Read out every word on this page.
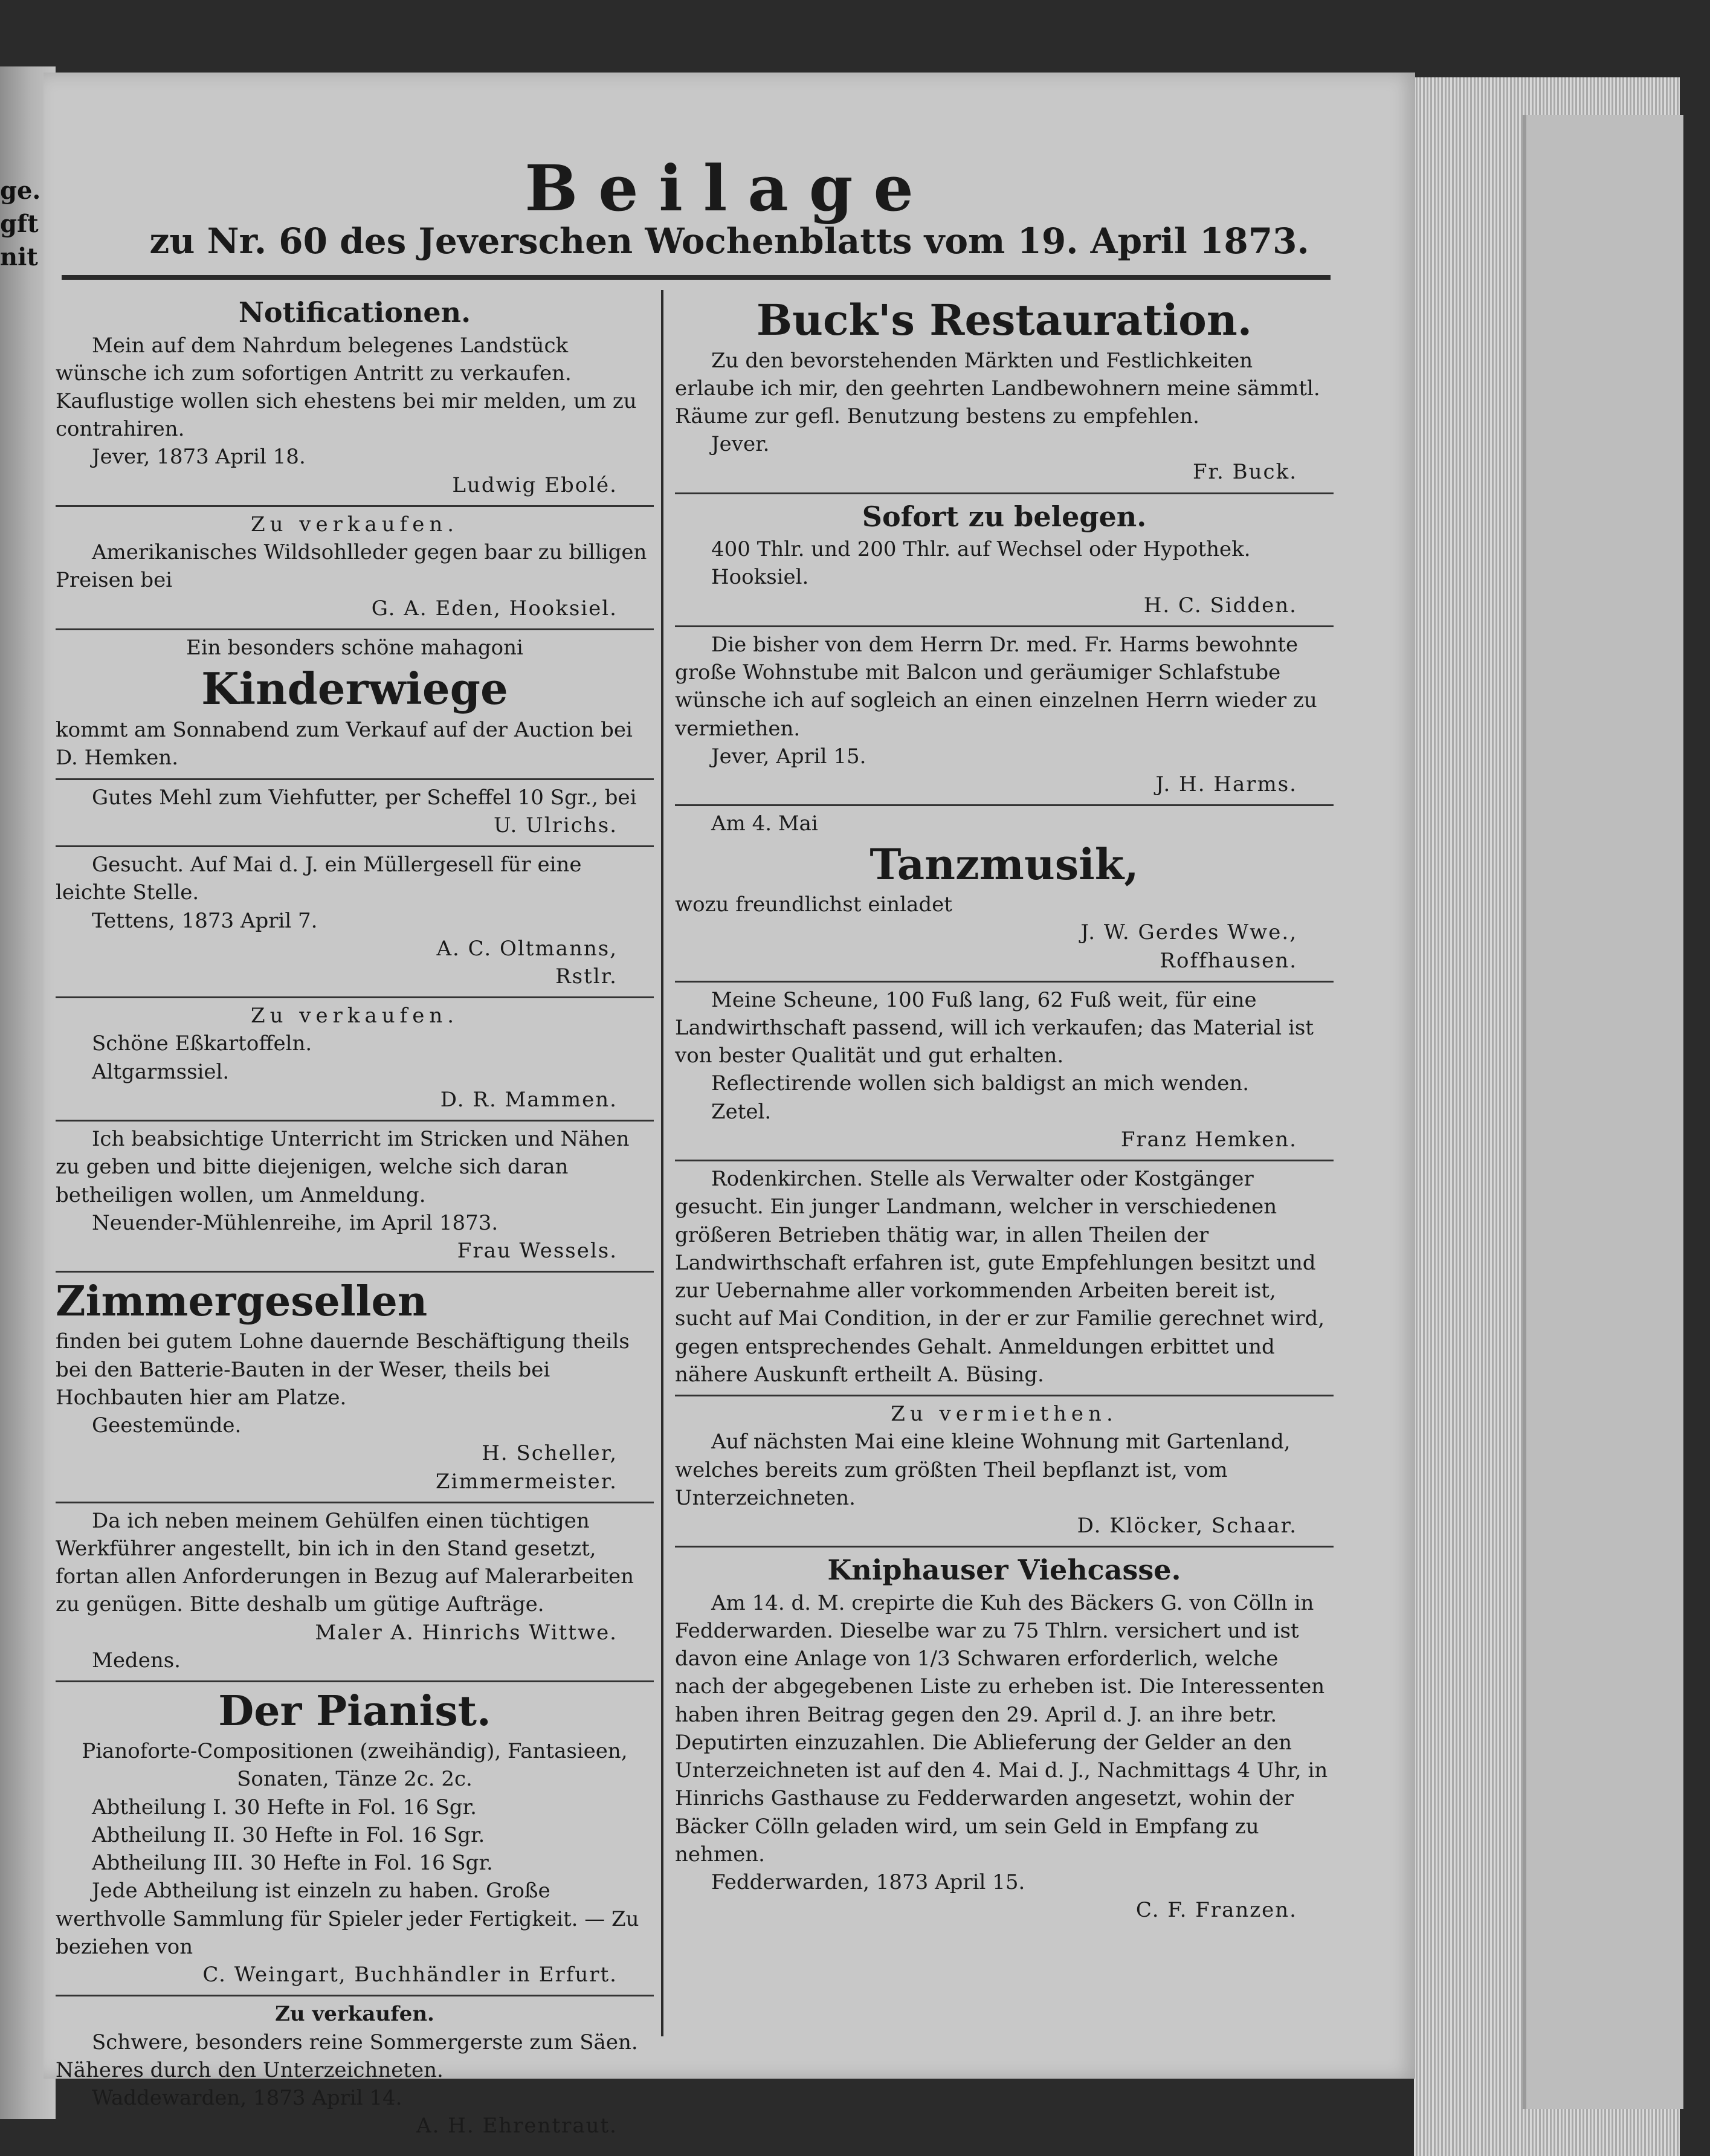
ge.
gft
nit
Beilage
zu Nr. 60 des Jeverschen Wochenblatts vom 19. April 1873.
Notificationen.

Mein auf dem Nahrdum belegenes Landstück wünsche ich zum sofortigen Antritt zu verkaufen. Kauflustige wollen sich ehestens bei mir melden, um zu contrahiren.

Jever, 1873 April 18.

Ludwig Ebolé.

Zu verkaufen.

Amerikanisches Wildsohlleder gegen baar zu billigen Preisen bei

G. A. Eden, Hooksiel.

Ein besonders schöne mahagoni

Kinderwiege

kommt am Sonnabend zum Verkauf auf der Auction bei D. Hemken.

Gutes Mehl zum Viehfutter, per Scheffel 10 Sgr., bei

U. Ulrichs.

Gesucht. Auf Mai d. J. ein Müllergesell für eine leichte Stelle.

Tettens, 1873 April 7.

A. C. Oltmanns,

Rstlr.

Zu verkaufen.

Schöne Eßkartoffeln.

Altgarmssiel.

D. R. Mammen.

Ich beabsichtige Unterricht im Stricken und Nähen zu geben und bitte diejenigen, welche sich daran betheiligen wollen, um Anmeldung.

Neuender-Mühlenreihe, im April 1873.

Frau Wessels.

Zimmergesellen

finden bei gutem Lohne dauernde Beschäftigung theils bei den Batterie-Bauten in der Weser, theils bei Hochbauten hier am Platze.

Geestemünde.

H. Scheller,

Zimmermeister.

Da ich neben meinem Gehülfen einen tüchtigen Werkführer angestellt, bin ich in den Stand gesetzt, fortan allen Anforderungen in Bezug auf Malerarbeiten zu genügen. Bitte deshalb um gütige Aufträge.

Maler A. Hinrichs Wittwe.

Medens.

Der Pianist.

Pianoforte-Compositionen (zweihändig), Fantasieen, Sonaten, Tänze 2c. 2c.

Abtheilung I. 30 Hefte in Fol. 16 Sgr.

Abtheilung II. 30 Hefte in Fol. 16 Sgr.

Abtheilung III. 30 Hefte in Fol. 16 Sgr.

Jede Abtheilung ist einzeln zu haben. Große werthvolle Sammlung für Spieler jeder Fertigkeit. — Zu beziehen von

C. Weingart, Buchhändler in Erfurt.

Zu verkaufen.

Schwere, besonders reine Sommergerste zum Säen. Näheres durch den Unterzeichneten.

Waddewarden, 1873 April 14.

A. H. Ehrentraut.

Buck's Restauration.

Zu den bevorstehenden Märkten und Festlichkeiten erlaube ich mir, den geehrten Landbewohnern meine sämmtl. Räume zur gefl. Benutzung bestens zu empfehlen.

Jever.

Fr. Buck.

Sofort zu belegen.

400 Thlr. und 200 Thlr. auf Wechsel oder Hypothek.

Hooksiel.

H. C. Sidden.

Die bisher von dem Herrn Dr. med. Fr. Harms bewohnte große Wohnstube mit Balcon und geräumiger Schlafstube wünsche ich auf sogleich an einen einzelnen Herrn wieder zu vermiethen.

Jever, April 15.

J. H. Harms.

Am 4. Mai

Tanzmusik,

wozu freundlichst einladet

J. W. Gerdes Wwe.,

Roffhausen.

Meine Scheune, 100 Fuß lang, 62 Fuß weit, für eine Landwirthschaft passend, will ich verkaufen; das Material ist von bester Qualität und gut erhalten.

Reflectirende wollen sich baldigst an mich wenden.

Zetel.

Franz Hemken.

Rodenkirchen. Stelle als Verwalter oder Kostgänger gesucht. Ein junger Landmann, welcher in verschiedenen größeren Betrieben thätig war, in allen Theilen der Landwirthschaft erfahren ist, gute Empfehlungen besitzt und zur Uebernahme aller vorkommenden Arbeiten bereit ist, sucht auf Mai Condition, in der er zur Familie gerechnet wird, gegen entsprechendes Gehalt. Anmeldungen erbittet und nähere Auskunft ertheilt A. Büsing.

Zu vermiethen.

Auf nächsten Mai eine kleine Wohnung mit Gartenland, welches bereits zum größten Theil bepflanzt ist, vom Unterzeichneten.

D. Klöcker, Schaar.

Kniphauser Viehcasse.

Am 14. d. M. crepirte die Kuh des Bäckers G. von Cölln in Fedderwarden. Dieselbe war zu 75 Thlrn. versichert und ist davon eine Anlage von 1/3 Schwaren erforderlich, welche nach der abgegebenen Liste zu erheben ist. Die Interessenten haben ihren Beitrag gegen den 29. April d. J. an ihre betr. Deputirten einzuzahlen. Die Ablieferung der Gelder an den Unterzeichneten ist auf den 4. Mai d. J., Nachmittags 4 Uhr, in Hinrichs Gasthause zu Fedderwarden angesetzt, wohin der Bäcker Cölln geladen wird, um sein Geld in Empfang zu nehmen.

Fedderwarden, 1873 April 15.

C. F. Franzen.
